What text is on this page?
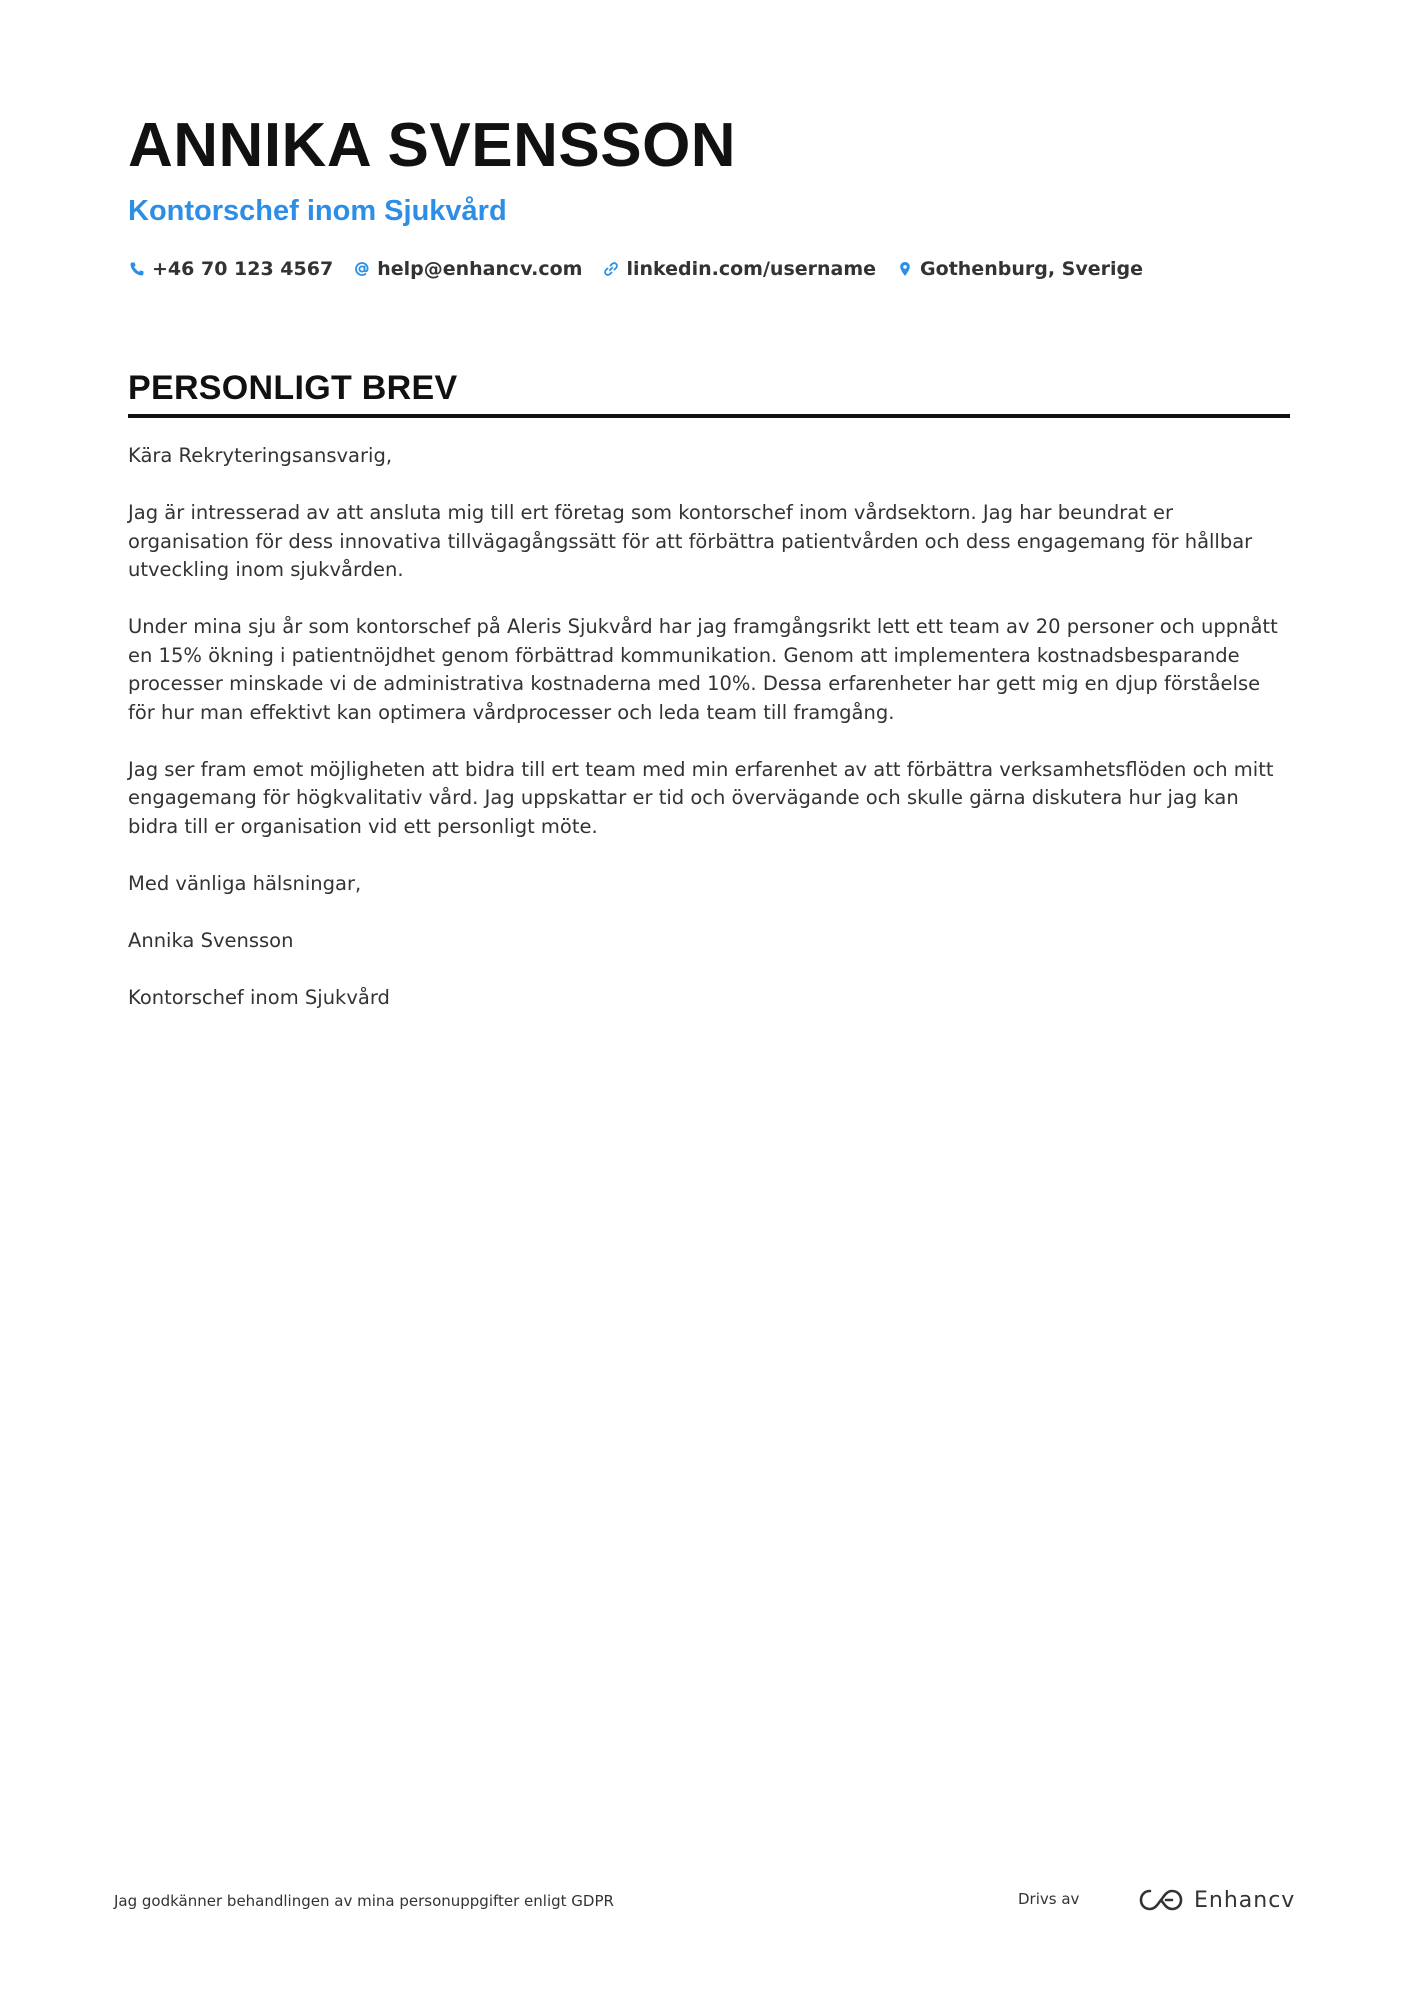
ANNIKA SVENSSON
Kontorschef inom Sjukvård
+46 70 123 4567 help@enhancv.com linkedin.com/username Gothenburg, Sverige
PERSONLIGT BREV

Kära Rekryteringsansvarig,

Jag är intresserad av att ansluta mig till ert företag som kontorschef inom vårdsektorn. Jag har beundrat er organisation för dess innovativa tillvägagångssätt för att förbättra patientvården och dess engagemang för hållbar utveckling inom sjukvården.

Under mina sju år som kontorschef på Aleris Sjukvård har jag framgångsrikt lett ett team av 20 personer och uppnått en 15% ökning i patientnöjdhet genom förbättrad kommunikation. Genom att implementera kostnadsbesparande processer minskade vi de administrativa kostnaderna med 10%. Dessa erfarenheter har gett mig en djup förståelse för hur man effektivt kan optimera vårdprocesser och leda team till framgång.

Jag ser fram emot möjligheten att bidra till ert team med min erfarenhet av att förbättra verksamhetsflöden och mitt engagemang för högkvalitativ vård. Jag uppskattar er tid och övervägande och skulle gärna diskutera hur jag kan bidra till er organisation vid ett personligt möte.

Med vänliga hälsningar,

Annika Svensson

Kontorschef inom Sjukvård

Jag godkänner behandlingen av mina personuppgifter enligt GDPR	Drivs av	Enhancv
